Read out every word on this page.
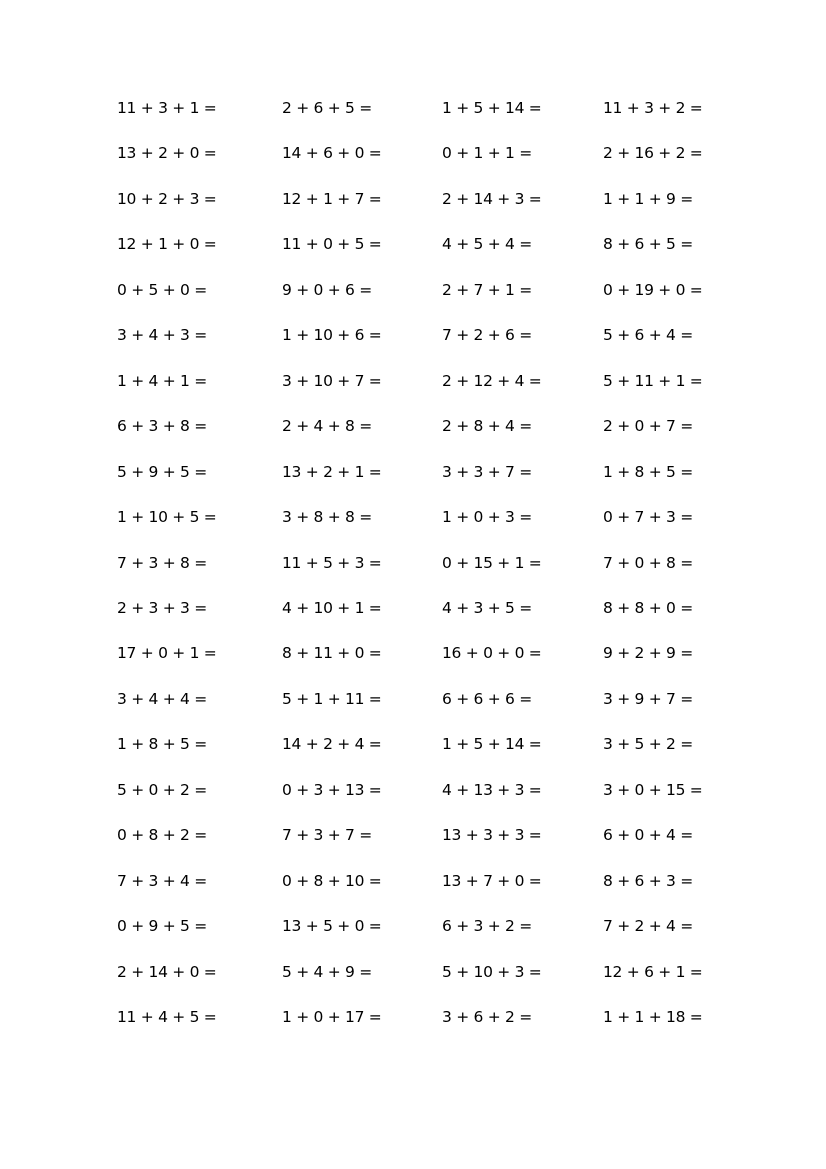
11 + 3 + 1 =	2 + 6 + 5 =	1 + 5 + 14 =	11 + 3 + 2 =
13 + 2 + 0 =	14 + 6 + 0 =	0 + 1 + 1 =	2 + 16 + 2 =
10 + 2 + 3 =	12 + 1 + 7 =	2 + 14 + 3 =	1 + 1 + 9 =
12 + 1 + 0 =	11 + 0 + 5 =	4 + 5 + 4 =	8 + 6 + 5 =
0 + 5 + 0 =	9 + 0 + 6 =	2 + 7 + 1 =	0 + 19 + 0 =
3 + 4 + 3 =	1 + 10 + 6 =	7 + 2 + 6 =	5 + 6 + 4 =
1 + 4 + 1 =	3 + 10 + 7 =	2 + 12 + 4 =	5 + 11 + 1 =
6 + 3 + 8 =	2 + 4 + 8 =	2 + 8 + 4 =	2 + 0 + 7 =
5 + 9 + 5 =	13 + 2 + 1 =	3 + 3 + 7 =	1 + 8 + 5 =
1 + 10 + 5 =	3 + 8 + 8 =	1 + 0 + 3 =	0 + 7 + 3 =
7 + 3 + 8 =	11 + 5 + 3 =	0 + 15 + 1 =	7 + 0 + 8 =
2 + 3 + 3 =	4 + 10 + 1 =	4 + 3 + 5 =	8 + 8 + 0 =
17 + 0 + 1 =	8 + 11 + 0 =	16 + 0 + 0 =	9 + 2 + 9 =
3 + 4 + 4 =	5 + 1 + 11 =	6 + 6 + 6 =	3 + 9 + 7 =
1 + 8 + 5 =	14 + 2 + 4 =	1 + 5 + 14 =	3 + 5 + 2 =
5 + 0 + 2 =	0 + 3 + 13 =	4 + 13 + 3 =	3 + 0 + 15 =
0 + 8 + 2 =	7 + 3 + 7 =	13 + 3 + 3 =	6 + 0 + 4 =
7 + 3 + 4 =	0 + 8 + 10 =	13 + 7 + 0 =	8 + 6 + 3 =
0 + 9 + 5 =	13 + 5 + 0 =	6 + 3 + 2 =	7 + 2 + 4 =
2 + 14 + 0 =	5 + 4 + 9 =	5 + 10 + 3 =	12 + 6 + 1 =
11 + 4 + 5 =	1 + 0 + 17 =	3 + 6 + 2 =	1 + 1 + 18 =
